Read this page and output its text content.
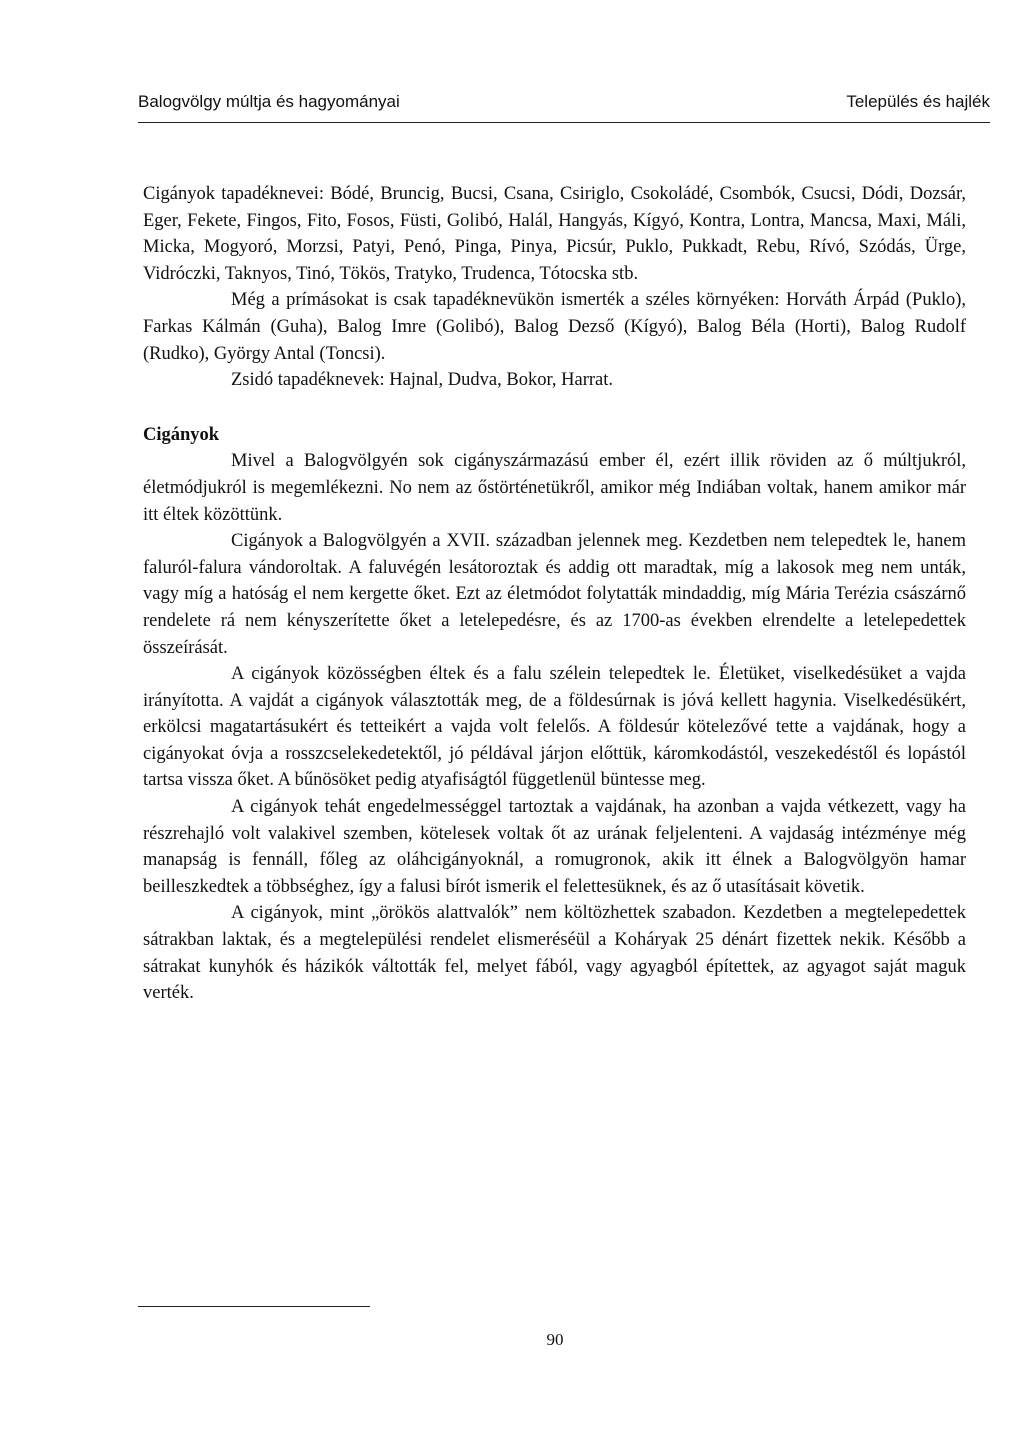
Balogvölgy múltja és hagyományai	Település és hajlék

Cigányok tapadéknevei: Bódé, Bruncig, Bucsi, Csana, Csiriglo, Csokoládé, Csombók, Csucsi, Dódi, Dozsár, Eger, Fekete, Fingos, Fito, Fosos, Füsti, Golibó, Halál, Hangyás, Kígyó, Kontra, Lontra, Mancsa, Maxi, Máli, Micka, Mogyoró, Morzsi, Patyi, Penó, Pinga, Pinya, Picsúr, Puklo, Pukkadt, Rebu, Rívó, Szódás, Ürge, Vidróczki, Taknyos, Tinó, Tökös, Tratyko, Trudenca, Tótocska stb.

Még a prímásokat is csak tapadéknevükön ismerték a széles környéken: Horváth Árpád (Puklo), Farkas Kálmán (Guha), Balog Imre (Golibó), Balog Dezső (Kígyó), Balog Béla (Horti), Balog Rudolf (Rudko), György Antal (Toncsi).

Zsidó tapadéknevek: Hajnal, Dudva, Bokor, Harrat.

Cigányok

Mivel a Balogvölgyén sok cigányszármazású ember él, ezért illik röviden az ő múltjukról, életmódjukról is megemlékezni. No nem az őstörténetükről, amikor még Indiában voltak, hanem amikor már itt éltek közöttünk.

Cigányok a Balogvölgyén a XVII. században jelennek meg. Kezdetben nem telepedtek le, hanem faluról-falura vándoroltak. A faluvégén lesátoroztak és addig ott maradtak, míg a lakosok meg nem unták, vagy míg a hatóság el nem kergette őket. Ezt az életmódot folytatták mindaddig, míg Mária Terézia császárnő rendelete rá nem kényszerítette őket a letelepedésre, és az 1700-as években elrendelte a letelepedettek összeírását.

A cigányok közösségben éltek és a falu szélein telepedtek le. Életüket, viselkedésüket a vajda irányította. A vajdát a cigányok választották meg, de a földesúrnak is jóvá kellett hagynia. Viselkedésükért, erkölcsi magatartásukért és tetteikért a vajda volt felelős. A földesúr kötelezővé tette a vajdának, hogy a cigányokat óvja a rosszcselekedetektől, jó példával járjon előttük, káromkodástól, veszekedéstől és lopástól tartsa vissza őket. A bűnösöket pedig atyafiságtól függetlenül büntesse meg.

A cigányok tehát engedelmességgel tartoztak a vajdának, ha azonban a vajda vétkezett, vagy ha részrehajló volt valakivel szemben, kötelesek voltak őt az urának feljelenteni. A vajdaság intézménye még manapság is fennáll, főleg az oláhcigányoknál, a romugronok, akik itt élnek a Balogvölgyön hamar beilleszkedtek a többséghez, így a falusi bírót ismerik el felettesüknek, és az ő utasításait követik.

A cigányok, mint „örökös alattvalók” nem költözhettek szabadon. Kezdetben a megtelepedettek sátrakban laktak, és a megtelepülési rendelet elismeréséül a Koháryak 25 dénárt fizettek nekik. Később a sátrakat kunyhók és házikók váltották fel, melyet fából, vagy agyagból építettek, az agyagot saját maguk verték.

90
